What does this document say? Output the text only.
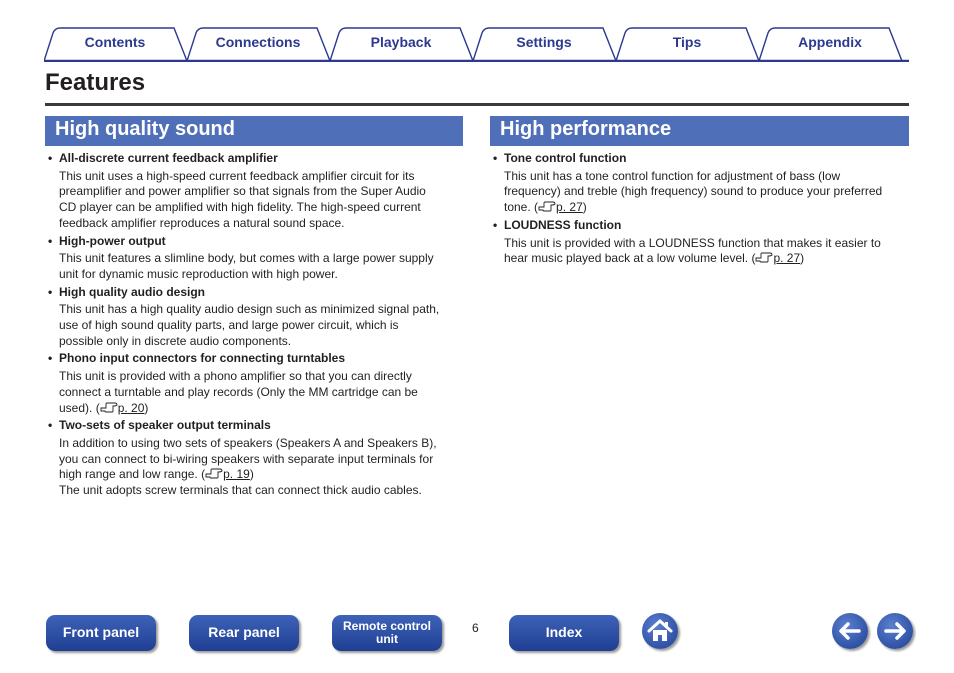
Contents	Connections	Playback	Settings	Tips	Appendix
Features
High quality sound
• All-discrete current feedback amplifier
This unit uses a high-speed current feedback amplifier circuit for its
preamplifier and power amplifier so that signals from the Super Audio
CD player can be amplified with high fidelity. The high-speed current
feedback amplifier reproduces a natural sound space.
• High-power output
This unit features a slimline body, but comes with a large power supply
unit for dynamic music reproduction with high power.
• High quality audio design
This unit has a high quality audio design such as minimized signal path,
use of high sound quality parts, and large power circuit, which is
possible only in discrete audio components.
• Phono input connectors for connecting turntables
This unit is provided with a phono amplifier so that you can directly
connect a turntable and play records (Only the MM cartridge can be
used). ( p. 20)
• Two-sets of speaker output terminals
In addition to using two sets of speakers (Speakers A and Speakers B),
you can connect to bi-wiring speakers with separate input terminals for
high range and low range. ( p. 19)
The unit adopts screw terminals that can connect thick audio cables.
High performance
• Tone control function
This unit has a tone control function for adjustment of bass (low
frequency) and treble (high frequency) sound to produce your preferred
tone. ( p. 27)
• LOUDNESS function
This unit is provided with a LOUDNESS function that makes it easier to
hear music played back at a low volume level. ( p. 27)
Front panel	Rear panel	Remote control
unit
6	Index
